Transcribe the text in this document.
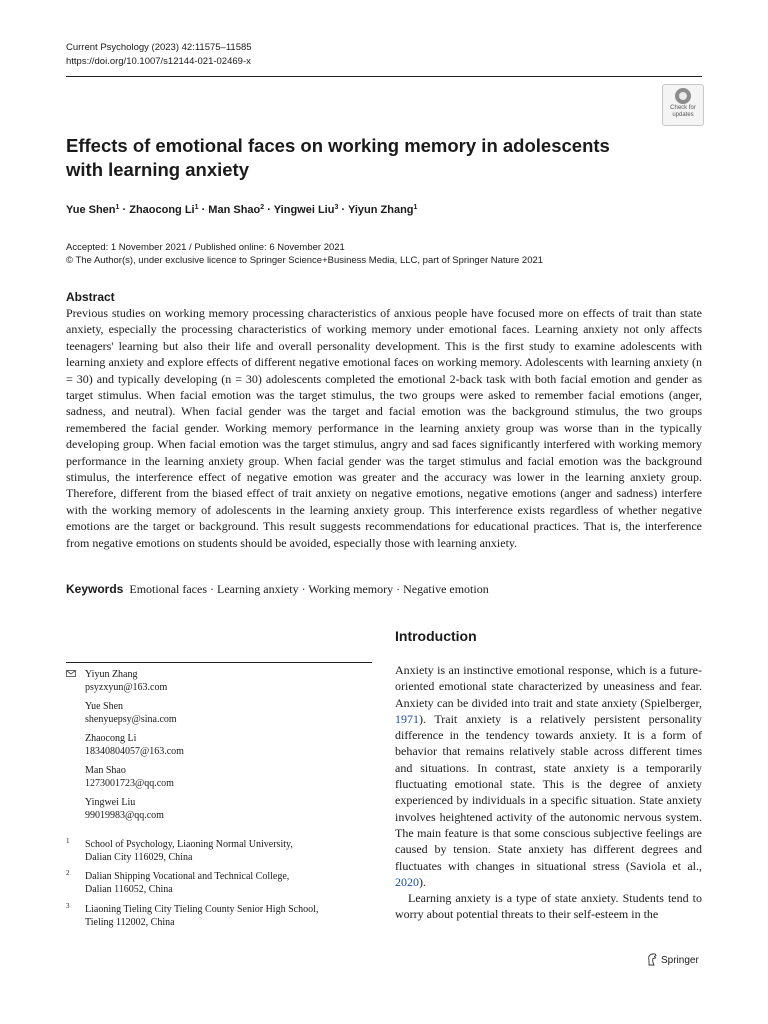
Current Psychology (2023) 42:11575–11585
https://doi.org/10.1007/s12144-021-02469-x
Check for
updates
Effects of emotional faces on working memory in adolescents with learning anxiety
Yue Shen$^1$ · Zhaocong $Li^1$ · Man Shao$^2$ · Yingwei Liu$^3$ · Yiyun Zhang$^1$
Accepted: 1 November 2021 / Published online: 6 November 2021
© The Author(s), under exclusive licence to Springer Science+Business Media, LLC, part of Springer Nature 2021
Abstract
Previous studies on working memory processing characteristics of anxious people have focused more on effects of trait than state anxiety, especially the processing characteristics of working memory under emotional faces. Learning anxiety not only affects teenagers' learning but also their life and overall personality development. This is the first study to examine adolescents with learning anxiety and explore effects of different negative emotional faces on working memory. Adolescents with learning anxiety (n = 30) and typically developing (n = 30) adolescents completed the emotional 2-back task with both facial emotion and gender as target stimulus. When facial emotion was the target stimulus, the two groups were asked to remember facial emotions (anger, sadness, and neutral). When facial gender was the target and facial emotion was the background stimulus, the two groups remembered the facial gender. Working memory performance in the learning anxiety group was worse than in the typically developing group. When facial emotion was the target stimulus, angry and sad faces significantly interfered with working memory performance in the learning anxiety group. When facial gender was the target stimulus and facial emotion was the background stimulus, the interference effect of negative emotion was greater and the accuracy was lower in the learning anxiety group. Therefore, different from the biased effect of trait anxiety on negative emotions, negative emotions (anger and sadness) interfere with the working memory of adolescents in the learning anxiety group. This interference exists regardless of whether negative emotions are the target or background. This result suggests recommendations for educational practices. That is, the interference from negative emotions on students should be avoided, especially those with learning anxiety.
Keywords Emotional faces · Learning anxiety · Working memory · Negative emotion
Introduction
Yiyun Zhang
psyzxyun@163.com
Yue Shen
shenyuepsy@sina.com
Zhaocong Li
18340804057@163.com
Man Shao
1273001723@qq.com
Yingwei Liu
99019983@qq.com
1 School of Psychology, Liaoning Normal University,
Dalian City 116029, China
2 Dalian Shipping Vocational and Technical College,
Dalian 116052, China
3 Liaoning Tieling City Tieling County Senior High School,
Tieling 112002, China

Anxiety is an instinctive emotional response, which is a future-oriented emotional state characterized by uneasiness and fear. Anxiety can be divided into trait and state anxiety (Spielberger, 1971). Trait anxiety is a relatively persistent personality difference in the tendency towards anxiety. It is a form of behavior that remains relatively stable across different times and situations. In contrast, state anxiety is a temporarily fluctuating emotional state. This is the degree of anxiety experienced by individuals in a specific situation. State anxiety involves heightened activity of the autonomic nervous system. The main feature is that some conscious subjective feelings are caused by tension. State anxiety has different degrees and fluctuates with changes in situational stress (Saviola et al., 2020).

Learning anxiety is a type of state anxiety. Students tend to worry about potential threats to their self-esteem in the

Springer
